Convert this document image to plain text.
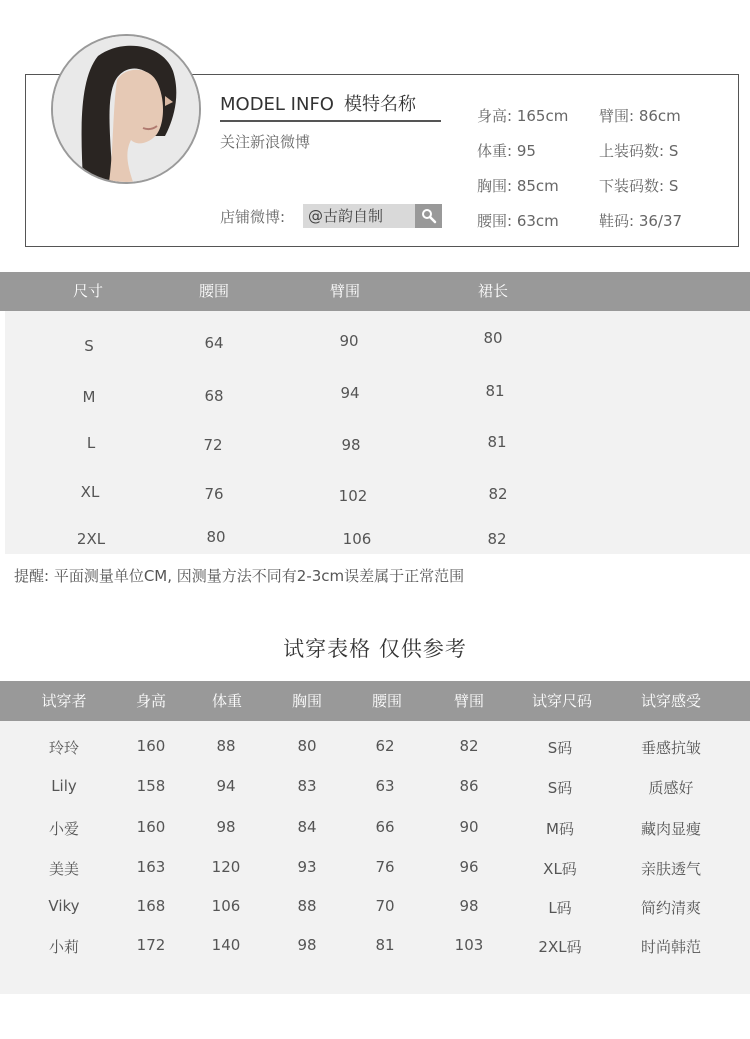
MODEL INFO 模特名称
关注新浪微博
店铺微博:	@古韵自制
身高: 165cm 臂围: 86cm
体重: 95	上装码数: S
胸围: 85cm	下装码数: S
腰围: 63cm	鞋码: 36/37
尺寸	腰围	臂围	裙长
S	64	90	80
M	68	94	81
L	72	98	81
XL	76	102	82
2XL	80	106	82
提醒: 平面测量单位CM, 因测量方法不同有2-3cm误差属于正常范围
试穿表格 仅供参考
试穿者	身高	体重	胸围	腰围	臂围	试穿尺码	试穿感受
玲玲	160	88	80	62	82	S码	垂感抗皱
Lily	158	94	83	63	86	S码	质感好
小爱	160	98	84	66	90	M码	藏肉显瘦
美美	163	120	93	76	96	XL码	亲肤透气
Viky	168	106	88	70	98	L码	简约清爽
小莉	172	140	98	81	103	2XL码	时尚韩范
